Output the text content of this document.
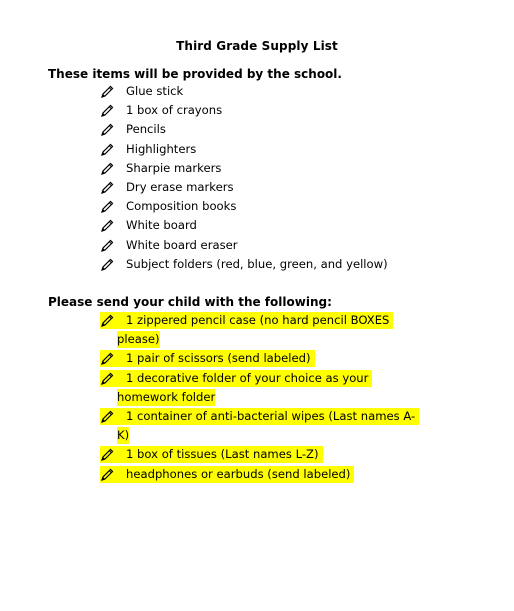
Third Grade Supply List
These items will be provided by the school.
Glue stick
1 box of crayons
Pencils
Highlighters
Sharpie markers
Dry erase markers
Composition books
White board
White board eraser
Subject folders (red, blue, green, and yellow)
Please send your child with the following:
1 zippered pencil case (no hard pencil BOXES
please)
1 pair of scissors (send labeled)
1 decorative folder of your choice as your
homework folder
1 container of anti-bacterial wipes (Last names A-
K)
1 box of tissues (Last names L-Z)
headphones or earbuds (send labeled)
